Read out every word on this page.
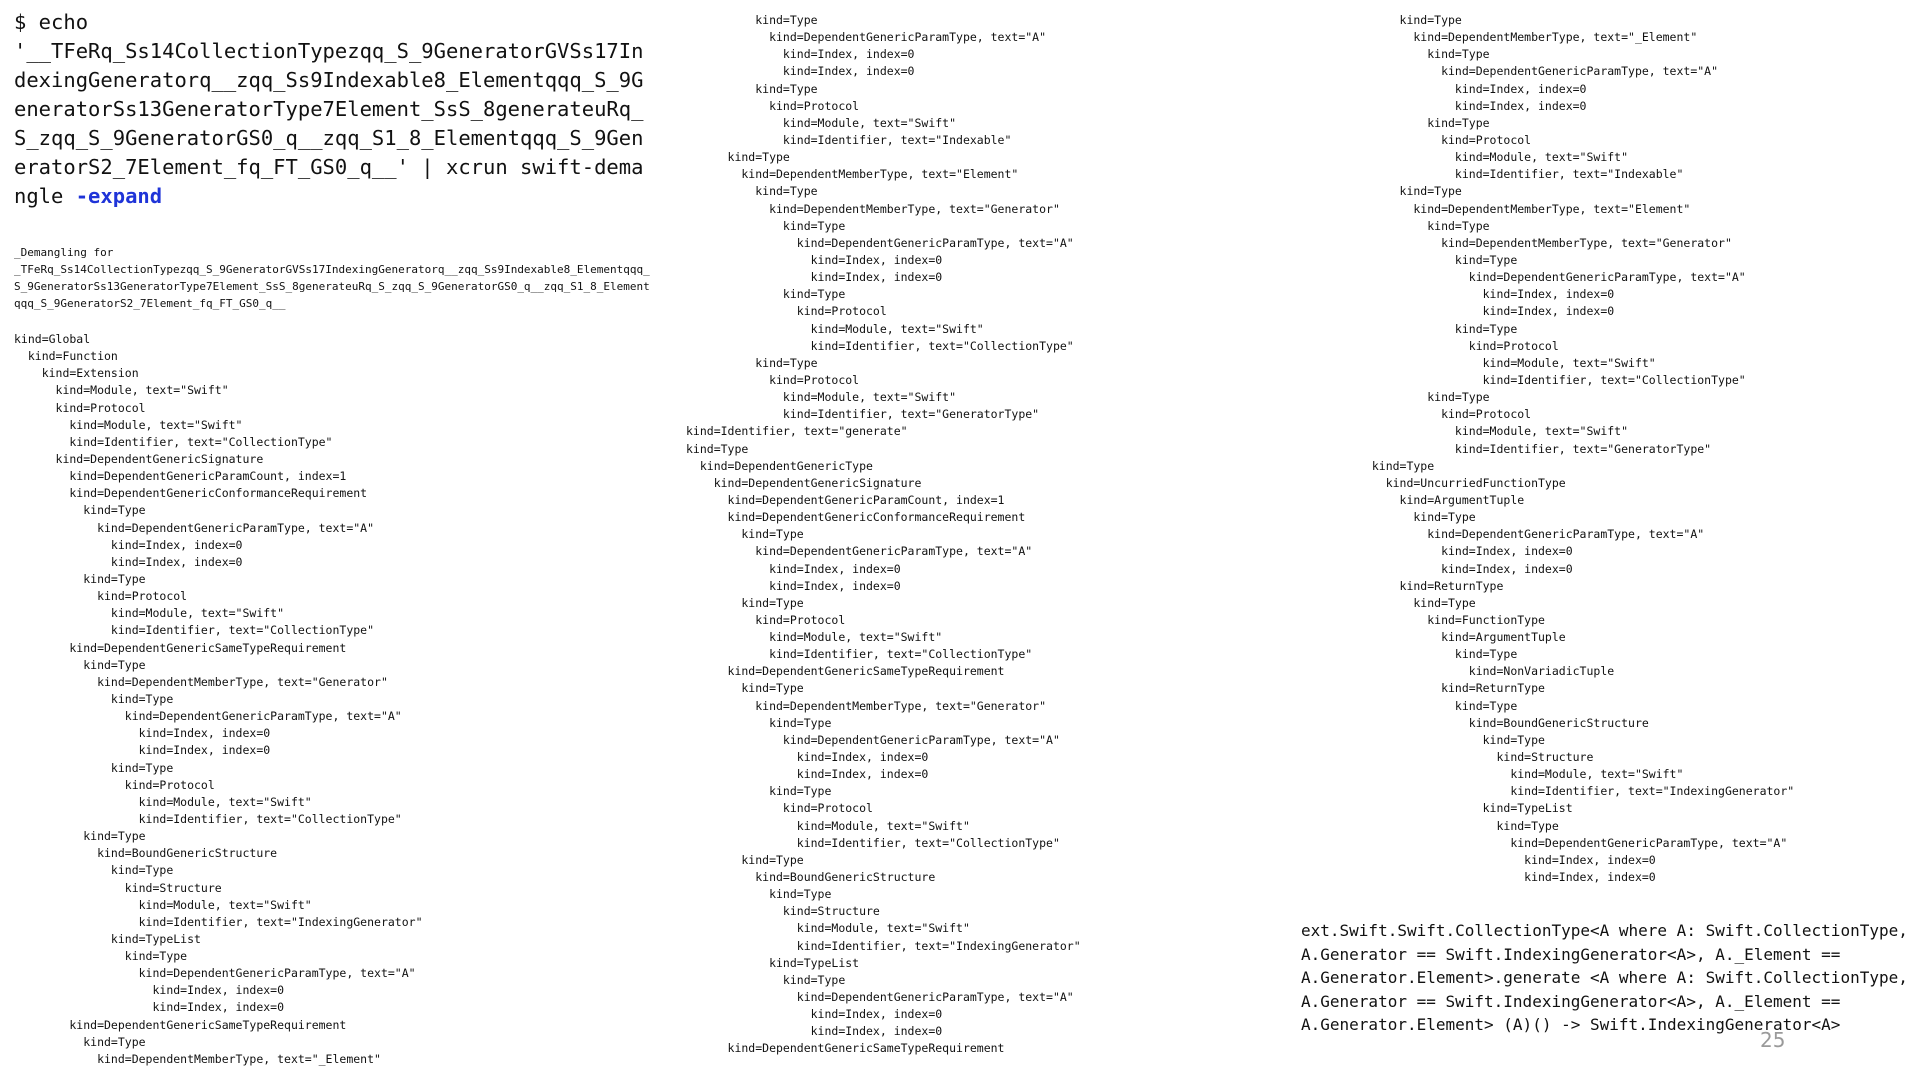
$ echo
'__TFeRq_Ss14CollectionTypezqq_S_9GeneratorGVSs17IndexingGeneratorq__zqq_Ss9Indexable8_Elementqqq_S_9GeneratorSs13GeneratorType7Element_SsS_8generateuRq_S_zqq_S_9GeneratorGS0_q__zqq_S1_8_Elementqqq_S_9GeneratorS2_7Element_fq_FT_GS0_q__' | xcrun swift-demangle -expand
_Demangling for
_TFeRq_Ss14CollectionTypezqq_S_9GeneratorGVSs17IndexingGeneratorq__zqq_Ss9Indexable8_Elementqqq_S_9GeneratorSs13GeneratorType7Element_SsS_8generateuRq_S_zqq_S_9GeneratorGS0_q__zqq_S1_8_Elementqqq_S_9GeneratorS2_7Element_fq_FT_GS0_q__
kind=Global
kind=Function
kind=Extension
kind=Module, text="Swift"
kind=Protocol
kind=Module, text="Swift"
kind=Identifier, text="CollectionType"
kind=DependentGenericSignature
kind=DependentGenericParamCount, index=1
kind=DependentGenericConformanceRequirement
kind=Type
kind=DependentGenericParamType, text="A"
kind=Index, index=0
kind=Index, index=0
kind=Type
kind=Protocol
kind=Module, text="Swift"
kind=Identifier, text="CollectionType"
kind=DependentGenericSameTypeRequirement
kind=Type
kind=DependentMemberType, text="Generator"
kind=Type
kind=DependentGenericParamType, text="A"
kind=Index, index=0
kind=Index, index=0
kind=Type
kind=Protocol
kind=Module, text="Swift"
kind=Identifier, text="CollectionType"
kind=Type
kind=BoundGenericStructure
kind=Type
kind=Structure
kind=Module, text="Swift"
kind=Identifier, text="IndexingGenerator"
kind=TypeList
kind=Type
kind=DependentGenericParamType, text="A"
kind=Index, index=0
kind=Index, index=0
kind=DependentGenericSameTypeRequirement
kind=Type
kind=DependentMemberType, text="_Element"
kind=Type
kind=DependentGenericParamType, text="A"
kind=Index, index=0
kind=Index, index=0
kind=Type
kind=Protocol
kind=Module, text="Swift"
kind=Identifier, text="Indexable"
kind=Type
kind=DependentMemberType, text="Element"
kind=Type
kind=DependentMemberType, text="Generator"
kind=Type
kind=DependentGenericParamType, text="A"
kind=Index, index=0
kind=Index, index=0
kind=Type
kind=Protocol
kind=Module, text="Swift"
kind=Identifier, text="CollectionType"
kind=Type
kind=Protocol
kind=Module, text="Swift"
kind=Identifier, text="GeneratorType"
kind=Identifier, text="generate"
kind=Type
kind=DependentGenericType
kind=DependentGenericSignature
kind=DependentGenericParamCount, index=1
kind=DependentGenericConformanceRequirement
kind=Type
kind=DependentGenericParamType, text="A"
kind=Index, index=0
kind=Index, index=0
kind=Type
kind=Protocol
kind=Module, text="Swift"
kind=Identifier, text="CollectionType"
kind=DependentGenericSameTypeRequirement
kind=Type
kind=DependentMemberType, text="Generator"
kind=Type
kind=DependentGenericParamType, text="A"
kind=Index, index=0
kind=Index, index=0
kind=Type
kind=Protocol
kind=Module, text="Swift"
kind=Identifier, text="CollectionType"
kind=Type
kind=BoundGenericStructure
kind=Type
kind=Structure
kind=Module, text="Swift"
kind=Identifier, text="IndexingGenerator"
kind=TypeList
kind=Type
kind=DependentGenericParamType, text="A"
kind=Index, index=0
kind=Index, index=0
kind=DependentGenericSameTypeRequirement
kind=Type
kind=DependentMemberType, text="_Element"
kind=Type
kind=DependentGenericParamType, text="A"
kind=Index, index=0
kind=Index, index=0
kind=Type
kind=Protocol
kind=Module, text="Swift"
kind=Identifier, text="Indexable"
kind=Type
kind=DependentMemberType, text="Element"
kind=Type
kind=DependentMemberType, text="Generator"
kind=Type
kind=DependentGenericParamType, text="A"
kind=Index, index=0
kind=Index, index=0
kind=Type
kind=Protocol
kind=Module, text="Swift"
kind=Identifier, text="CollectionType"
kind=Type
kind=Protocol
kind=Module, text="Swift"
kind=Identifier, text="GeneratorType"
kind=Type
kind=UncurriedFunctionType
kind=ArgumentTuple
kind=Type
kind=DependentGenericParamType, text="A"
kind=Index, index=0
kind=Index, index=0
kind=ReturnType
kind=Type
kind=FunctionType
kind=ArgumentTuple
kind=Type
kind=NonVariadicTuple
kind=ReturnType
kind=Type
kind=BoundGenericStructure
kind=Type
kind=Structure
kind=Module, text="Swift"
kind=Identifier, text="IndexingGenerator"
kind=TypeList
kind=Type
kind=DependentGenericParamType, text="A"
kind=Index, index=0
kind=Index, index=0
ext.Swift.Swift.CollectionType<A where A: Swift.CollectionType,
A.Generator == Swift.IndexingGenerator<A>, A._Element ==
A.Generator.Element>.generate <A where A: Swift.CollectionType,
A.Generator == Swift.IndexingGenerator<A>, A._Element ==
A.Generator.Element> (A)() -> Swift.IndexingGenerator<A>
25
